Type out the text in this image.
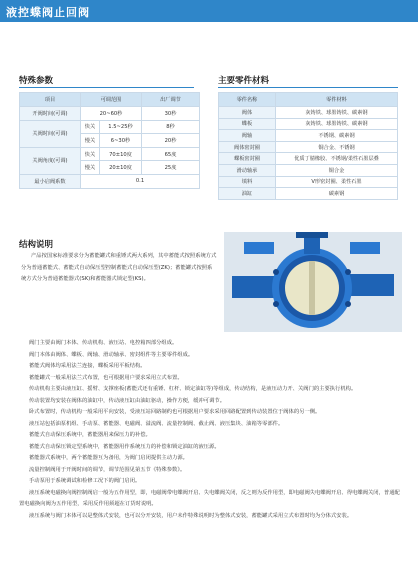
液控蝶阀止回阀
特殊参数
项目	可调范围		出厂调节
开阀时间(可调)	20~60秒		30秒
关阀时间(可调)	快关	1.5~25秒	8秒
	慢关	6~30秒	20秒
关阀角度(可调)	快关	70±10度	65度
	慢关	20±10度	25度
最小启阀系数	0.1		
主要零件材料
零件名称	零件材料
阀体	灰铸铁、球墨铸铁、碳素钢
蝶板	灰铸铁、球墨铸铁、碳素钢
阀轴	不锈钢、碳素钢
阀体密封圈	铜合金、不锈钢
蝶板密封圈	优质丁腈橡胶、不锈钢/柔性石墨层叠
滑动轴承	铜合金
填料	V形密封圈、柔性石墨
油缸	碳素钢
结构说明
产品按国家标准要求分为蓄能罐式和重锤式两大系列，其中蓄能式按照系统方式分为普通蓄能式、蓄能式自动保压型控制蓄能式自动保压型(ZK)；蓄能罐式按照系统方式分为普通蓄能器式(SK)和蓄能器式锁定型(KS)。
阀门主要由阀门本体、传动机构、液压站、电控箱四部分组成。
阀门本体由阀体、蝶板、阀轴、滑动轴承、密封组件等主要零件组成。
蓄能式阀体均采用法兰连接，蝶板采用平板结构。
蓄能罐式一般采用法兰式布置，也可根据用户要求采用立式布置。
传动机构主要由液压缸、摇臂、支撑座板(蓄能式还有重锤、杠杆、锁定油缸等)等组成，传动结构，是液压动力开、关阀门的主要执行机构。
传动装置均安装在阀体的油缸中，传动液压缸由油缸驱动，操作方便，缓冲可调节。
卧式布置时，传动机构一般采用平向安装，受液压站回路制约也可根据用户要求采用回路配置到传动装置位于阀体的另一侧。
液压站包括油泵机组、手动泵、蓄能器、电磁阀、溢流阀、流量控制阀、截止阀、液压集块、油箱等零部件。
蓄能式自动保压系统中，蓄能器用来保压力的补偿。
蓄能式自动保压锁定型系统中，蓄能器用作系统压力的补偿和锁定油缸的液压源。
蓄能器式系统中，两个蓄能器互为备用，为阀门启闭提供主动力源。
流量控制阀用于开阀时间的调节，调节范围见第五节《特殊参数》。
手动泵用于系统调试和检修工况下的阀门启闭。
液压系统电磁换向阀控制阀启一般为五作用型，即，电磁阀带电蝶阀开启、失电蝶阀关闭，反之则为反作用型，即电磁阀失电蝶阀开启、得电蝶阀关闭，普通配置电磁换向阀为五作用型，采用反作用须超在订货时说明。
液压系统与阀门本体可以是整体式安装，也可以分开安装，用户未作特殊说明时为整体式安装，蓄能罐式采用立式布置时均为分体式安装。
